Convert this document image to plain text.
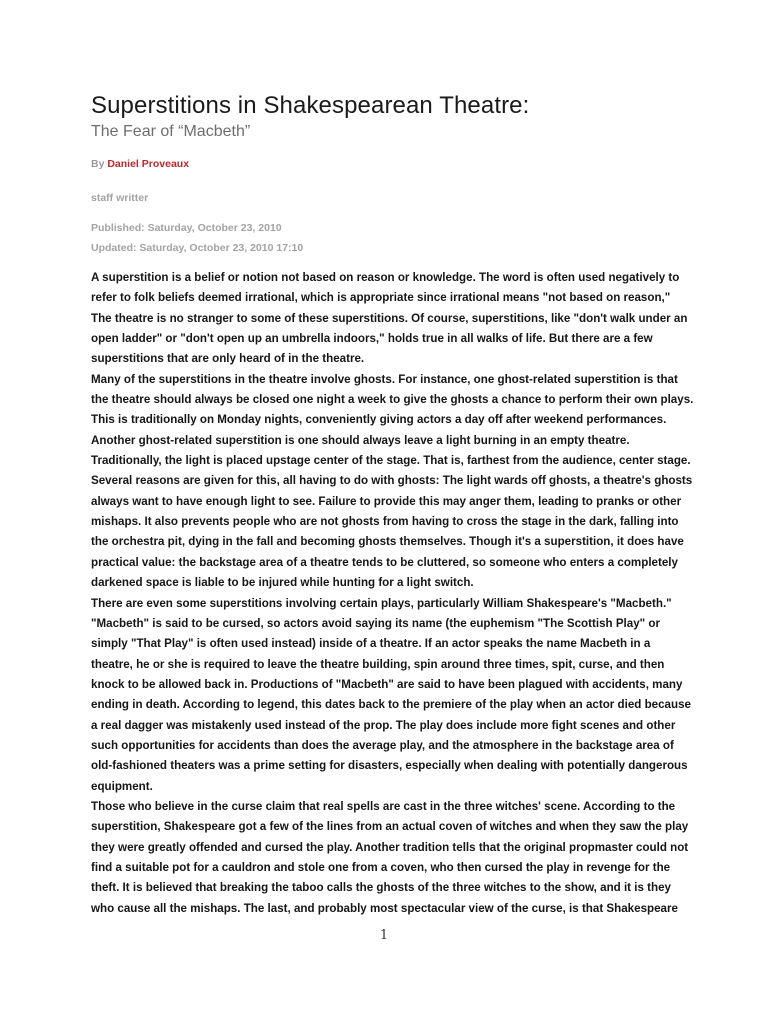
Superstitions in Shakespearean Theatre:
The Fear of “Macbeth”
By Daniel Proveaux
staff writter
Published: Saturday, October 23, 2010
Updated: Saturday, October 23, 2010 17:10
A superstition is a belief or notion not based on reason or knowledge. The word is often used negatively to
refer to folk beliefs deemed irrational, which is appropriate since irrational means "not based on reason,"
The theatre is no stranger to some of these superstitions. Of course, superstitions, like "don't walk under an
open ladder" or "don't open up an umbrella indoors," holds true in all walks of life. But there are a few
superstitions that are only heard of in the theatre.
Many of the superstitions in the theatre involve ghosts. For instance, one ghost-related superstition is that
the theatre should always be closed one night a week to give the ghosts a chance to perform their own plays.
This is traditionally on Monday nights, conveniently giving actors a day off after weekend performances.
Another ghost-related superstition is one should always leave a light burning in an empty theatre.
Traditionally, the light is placed upstage center of the stage. That is, farthest from the audience, center stage.
Several reasons are given for this, all having to do with ghosts: The light wards off ghosts, a theatre's ghosts
always want to have enough light to see. Failure to provide this may anger them, leading to pranks or other
mishaps. It also prevents people who are not ghosts from having to cross the stage in the dark, falling into
the orchestra pit, dying in the fall and becoming ghosts themselves. Though it's a superstition, it does have
practical value: the backstage area of a theatre tends to be cluttered, so someone who enters a completely
darkened space is liable to be injured while hunting for a light switch.
There are even some superstitions involving certain plays, particularly William Shakespeare's "Macbeth."
"Macbeth" is said to be cursed, so actors avoid saying its name (the euphemism "The Scottish Play" or
simply "That Play" is often used instead) inside of a theatre. If an actor speaks the name Macbeth in a
theatre, he or she is required to leave the theatre building, spin around three times, spit, curse, and then
knock to be allowed back in. Productions of "Macbeth" are said to have been plagued with accidents, many
ending in death. According to legend, this dates back to the premiere of the play when an actor died because
a real dagger was mistakenly used instead of the prop. The play does include more fight scenes and other
such opportunities for accidents than does the average play, and the atmosphere in the backstage area of
old-fashioned theaters was a prime setting for disasters, especially when dealing with potentially dangerous
equipment.
Those who believe in the curse claim that real spells are cast in the three witches' scene. According to the
superstition, Shakespeare got a few of the lines from an actual coven of witches and when they saw the play
they were greatly offended and cursed the play. Another tradition tells that the original propmaster could not
find a suitable pot for a cauldron and stole one from a coven, who then cursed the play in revenge for the
theft. It is believed that breaking the taboo calls the ghosts of the three witches to the show, and it is they
who cause all the mishaps. The last, and probably most spectacular view of the curse, is that Shakespeare
1
